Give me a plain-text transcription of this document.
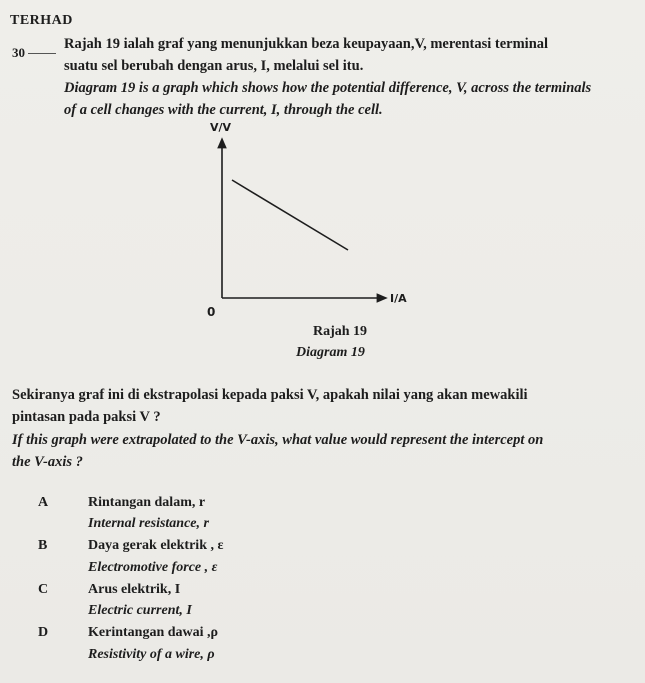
TERHAD
30
Rajah 19 ialah graf yang menunjukkan beza keupayaan,V, merentasi terminal
suatu sel berubah dengan arus, I, melalui sel itu.
Diagram 19 is a graph which shows how the potential difference, V, across the terminals
of a cell changes with the current, I, through the cell.
V/V
I/A
0
Rajah 19
Diagram 19
Sekiranya graf ini di ekstrapolasi kepada paksi V, apakah nilai yang akan mewakili
pintasan pada paksi V ?
If this graph were extrapolated to the V-axis, what value would represent the intercept on
the V-axis ?
A	Rintangan dalam, r
Internal resistance, r
B	Daya gerak elektrik , ε
Electromotive force , ε
C	Arus elektrik, I
Electric current, I
D	Kerintangan dawai ,ρ
Resistivity of a wire, ρ
